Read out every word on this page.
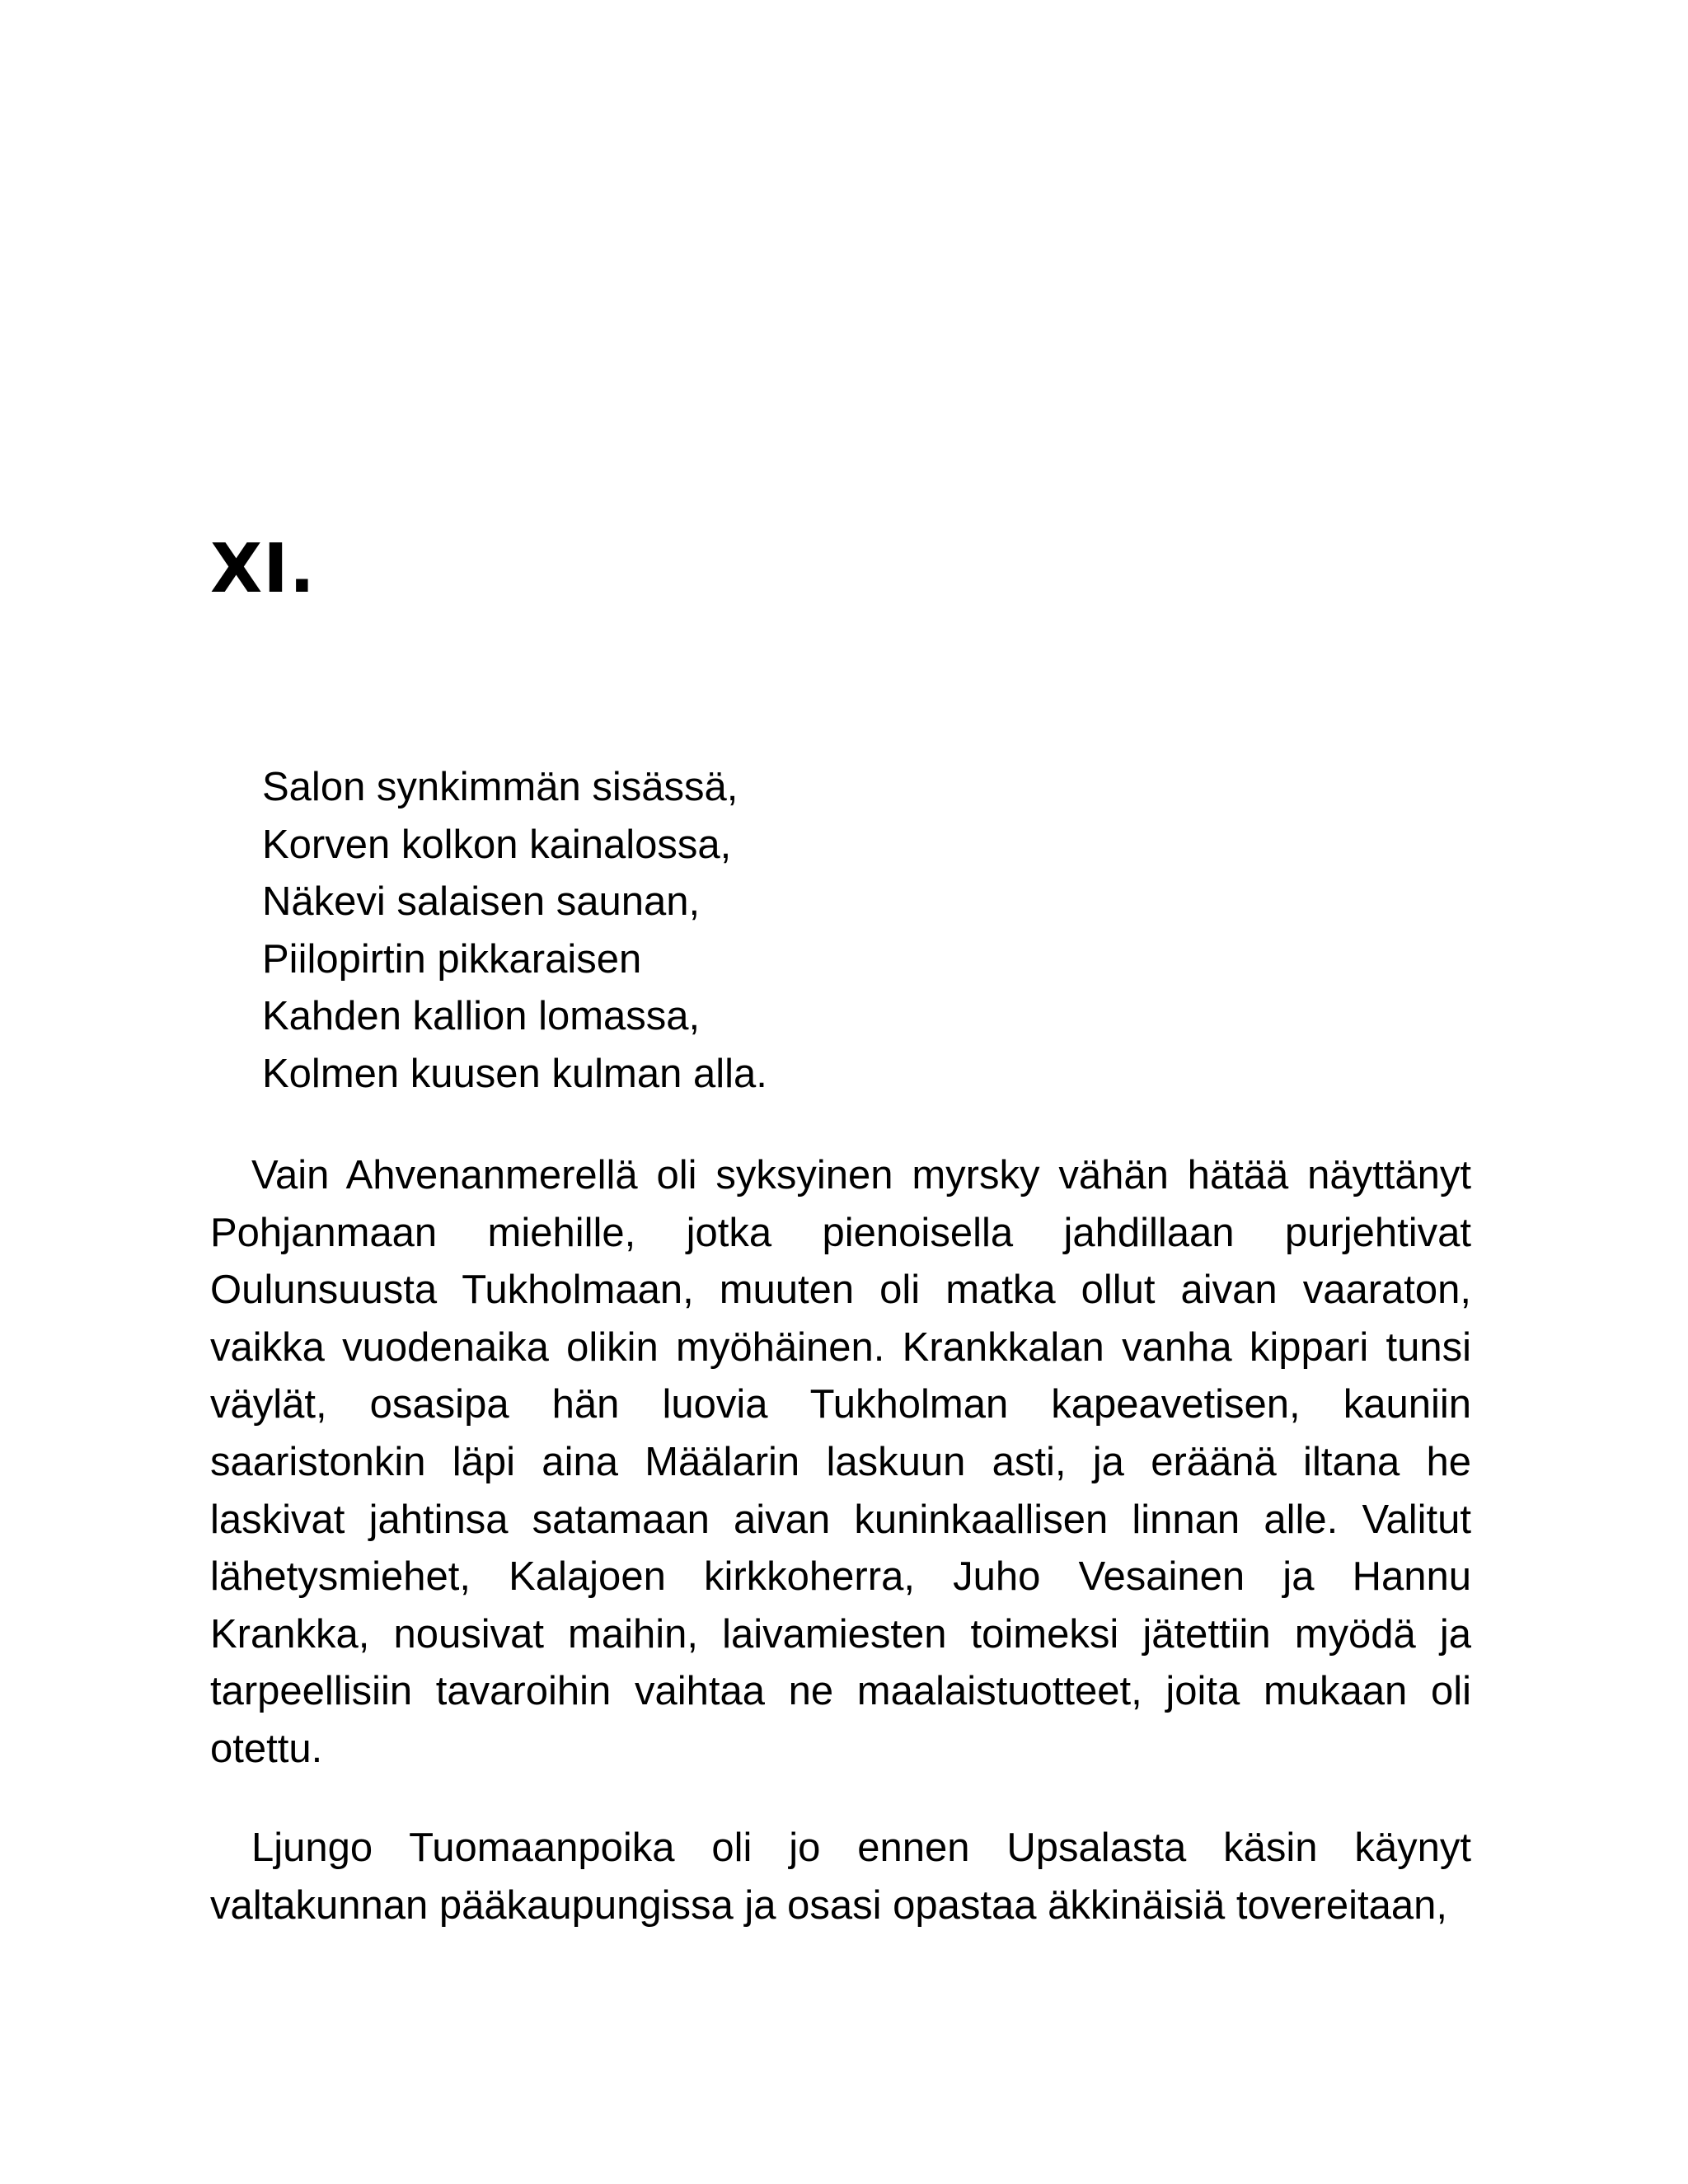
XI.
Salon synkimmän sisässä,
Korven kolkon kainalossa,
Näkevi salaisen saunan,
Piilopirtin pikkaraisen
Kahden kallion lomassa,
Kolmen kuusen kulman alla.

Vain Ahvenanmerellä oli syksyinen myrsky vähän hätää näyttänyt Pohjanmaan miehille, jotka pienoisella jahdillaan purjehtivat Oulunsuusta Tukholmaan, muuten oli matka ollut aivan vaaraton, vaikka vuodenaika olikin myöhäinen. Krankkalan vanha kippari tunsi väylät, osasipa hän luovia Tukholman kapeavetisen, kauniin saaristonkin läpi aina Määlarin laskuun asti, ja eräänä iltana he laskivat jahtinsa satamaan aivan kuninkaallisen linnan alle. Valitut lähetysmiehet, Kalajoen kirkkoherra, Juho Vesainen ja Hannu Krankka, nousivat maihin, laivamiesten toimeksi jätettiin myödä ja tarpeellisiin tavaroihin vaihtaa ne maalaistuotteet, joita mukaan oli otettu.

Ljungo Tuomaanpoika oli jo ennen Upsalasta käsin käynyt valtakunnan pääkaupungissa ja osasi opastaa äkkinäisiä tovereitaan,
